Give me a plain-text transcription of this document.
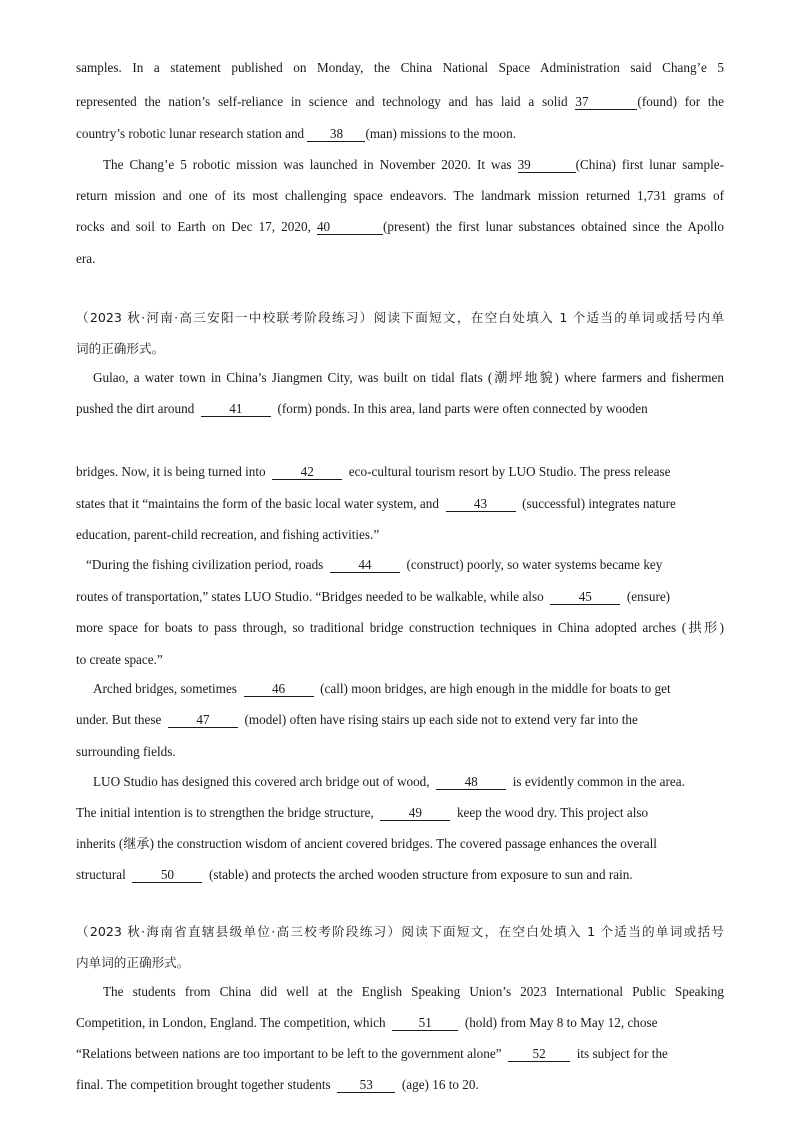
samples. In a statement published on Monday, the China National Space Administration said Chang’e 5
represented the nation’s self-reliance in science and technology and has laid a solid 37	(found) for the
country’s robotic lunar research station and 38 (man) missions to the moon.
The Chang’e 5 robotic mission was launched in November 2020. It was 39	(China) first lunar sample-
return mission and one of its most challenging space endeavors. The landmark mission returned 1,731 grams of
rocks and soil to Earth on Dec 17, 2020, 40	(present) the first lunar substances obtained since the Apollo
era.
（2023 秋·河南·高三安阳一中校联考阶段练习）阅读下面短文，在空白处填入 1 个适当的单词或括号内单
词的正确形式。
Gulao, a water town in China’s Jiangmen City, was built on tidal flats (潮坪地貌) where farmers and fishermen
pushed the dirt around	41	(form) ponds. In this area, land parts were often connected by wooden
bridges. Now, it is being turned into	42	eco-cultural tourism resort by LUO Studio. The press release
states that it “maintains the form of the basic local water system, and	43	(successful) integrates nature
education, parent-child recreation, and fishing activities.”
“During the fishing civilization period, roads	44	(construct) poorly, so water systems became key
routes of transportation,” states LUO Studio. “Bridges needed to be walkable, while also	45	(ensure)
more space for boats to pass through, so traditional bridge construction techniques in China adopted arches (拱形)
to create space.”
Arched bridges, sometimes	46	(call) moon bridges, are high enough in the middle for boats to get
under. But these	47	(model) often have rising stairs up each side not to extend very far into the
surrounding fields.
LUO Studio has designed this covered arch bridge out of wood,	48	is evidently common in the area.
The initial intention is to strengthen the bridge structure,	49	keep the wood dry. This project also
inherits (继承) the construction wisdom of ancient covered bridges. The covered passage enhances the overall
structural	50	(stable) and protects the arched wooden structure from exposure to sun and rain.
（2023 秋·海南省直辖县级单位·高三校考阶段练习）阅读下面短文，在空白处填入 1 个适当的单词或括号
内单词的正确形式。
The students from China did well at the English Speaking Union’s 2023 International Public Speaking
Competition, in London, England. The competition, which	51	(hold) from May 8 to May 12, chose
“Relations between nations are too important to be left to the government alone” 52 its subject for the
final. The competition brought together students 53 (age) 16 to 20.
